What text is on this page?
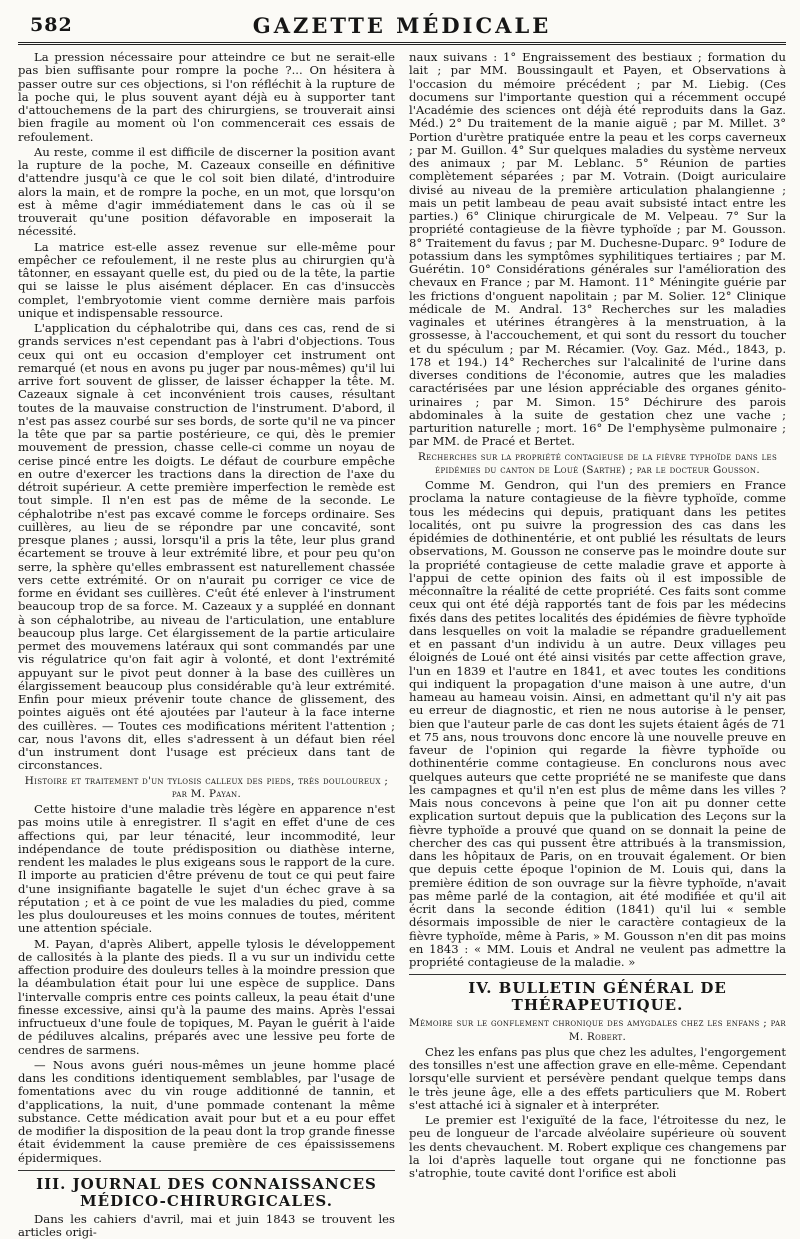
582	GAZETTE MÉDICALE

La pression nécessaire pour atteindre ce but ne serait-elle pas bien suffisante pour rompre la poche ?... On hésitera à passer outre sur ces objections, si l'on réfléchit à la rupture de la poche qui, le plus souvent ayant déjà eu à supporter tant d'attouchemens de la part des chirurgiens, se trouverait ainsi bien fragile au moment où l'on commencerait ces essais de refoulement.

Au reste, comme il est difficile de discerner la position avant la rupture de la poche, M. Cazeaux conseille en définitive d'attendre jusqu'à ce que le col soit bien dilaté, d'introduire alors la main, et de rompre la poche, en un mot, que lorsqu'on est à même d'agir immédiatement dans le cas où il se trouverait qu'une position défavorable en imposerait la nécessité.

La matrice est-elle assez revenue sur elle-même pour empêcher ce refoulement, il ne reste plus au chirurgien qu'à tâtonner, en essayant quelle est, du pied ou de la tête, la partie qui se laisse le plus aisément déplacer. En cas d'insuccès complet, l'embryotomie vient comme dernière mais parfois unique et indispensable ressource.

L'application du céphalotribe qui, dans ces cas, rend de si grands services n'est cependant pas à l'abri d'objections. Tous ceux qui ont eu occasion d'employer cet instrument ont remarqué (et nous en avons pu juger par nous-mêmes) qu'il lui arrive fort souvent de glisser, de laisser échapper la tête. M. Cazeaux signale à cet inconvénient trois causes, résultant toutes de la mauvaise construction de l'instrument. D'abord, il n'est pas assez courbé sur ses bords, de sorte qu'il ne va pincer la tête que par sa partie postérieure, ce qui, dès le premier mouvement de pression, chasse celle-ci comme un noyau de cerise pincé entre les doigts. Le défaut de courbure empêche en outre d'exercer les tractions dans la direction de l'axe du détroit supérieur. A cette première imperfection le remède est tout simple. Il n'en est pas de même de la seconde. Le céphalotribe n'est pas excavé comme le forceps ordinaire. Ses cuillères, au lieu de se répondre par une concavité, sont presque planes ; aussi, lorsqu'il a pris la tête, leur plus grand écartement se trouve à leur extrémité libre, et pour peu qu'on serre, la sphère qu'elles embrassent est naturellement chassée vers cette extrémité. Or on n'aurait pu corriger ce vice de forme en évidant ses cuillères. C'eût été enlever à l'instrument beaucoup trop de sa force. M. Cazeaux y a suppléé en donnant à son céphalotribe, au niveau de l'articulation, une entablure beaucoup plus large. Cet élargissement de la partie articulaire permet des mouvemens latéraux qui sont commandés par une vis régulatrice qu'on fait agir à volonté, et dont l'extrémité appuyant sur le pivot peut donner à la base des cuillères un élargissement beaucoup plus considérable qu'à leur extrémité. Enfin pour mieux prévenir toute chance de glissement, des pointes aiguës ont été ajoutées par l'auteur à la face interne des cuillères. — Toutes ces modifications méritent l'attention ; car, nous l'avons dit, elles s'adressent à un défaut bien réel d'un instrument dont l'usage est précieux dans tant de circonstances.

Histoire et traitement d'un tylosis calleux des pieds, très douloureux ; par M. Payan.

Cette histoire d'une maladie très légère en apparence n'est pas moins utile à enregistrer. Il s'agit en effet d'une de ces affections qui, par leur ténacité, leur incommodité, leur indépendance de toute prédisposition ou diathèse interne, rendent les malades le plus exigeans sous le rapport de la cure. Il importe au praticien d'être prévenu de tout ce qui peut faire d'une insignifiante bagatelle le sujet d'un échec grave à sa réputation ; et à ce point de vue les maladies du pied, comme les plus douloureuses et les moins connues de toutes, méritent une attention spéciale.

M. Payan, d'après Alibert, appelle tylosis le développement de callosités à la plante des pieds. Il a vu sur un individu cette affection produire des douleurs telles à la moindre pression que la déambulation était pour lui une espèce de supplice. Dans l'intervalle compris entre ces points calleux, la peau était d'une finesse excessive, ainsi qu'à la paume des mains. Après l'essai infructueux d'une foule de topiques, M. Payan le guérit à l'aide de pédiluves alcalins, préparés avec une lessive peu forte de cendres de sarmens.

— Nous avons guéri nous-mêmes un jeune homme placé dans les conditions identiquement semblables, par l'usage de fomentations avec du vin rouge additionné de tannin, et d'applications, la nuit, d'une pommade contenant la même substance. Cette médication avait pour but et a eu pour effet de modifier la disposition de la peau dont la trop grande finesse était évidemment la cause première de ces épaississemens épidermiques.

III. JOURNAL DES CONNAISSANCES MÉDICO-CHIRURGICALES.

Dans les cahiers d'avril, mai et juin 1843 se trouvent les articles origi-

naux suivans : 1° Engraissement des bestiaux ; formation du lait ; par MM. Boussingault et Payen, et Observations à l'occasion du mémoire précédent ; par M. Liebig. (Ces documens sur l'importante question qui a récemment occupé l'Académie des sciences ont déjà été reproduits dans la Gaz. Méd.) 2° Du traitement de la manie aiguë ; par M. Millet. 3° Portion d'urètre pratiquée entre la peau et les corps caverneux ; par M. Guillon. 4° Sur quelques maladies du système nerveux des animaux ; par M. Leblanc. 5° Réunion de parties complètement séparées ; par M. Votrain. (Doigt auriculaire divisé au niveau de la première articulation phalangienne ; mais un petit lambeau de peau avait subsisté intact entre les parties.) 6° Clinique chirurgicale de M. Velpeau. 7° Sur la propriété contagieuse de la fièvre typhoïde ; par M. Gousson. 8° Traitement du favus ; par M. Duchesne-Duparc. 9° Iodure de potassium dans les symptômes syphilitiques tertiaires ; par M. Guérétin. 10° Considérations générales sur l'amélioration des chevaux en France ; par M. Hamont. 11° Méningite guérie par les frictions d'onguent napolitain ; par M. Solier. 12° Clinique médicale de M. Andral. 13° Recherches sur les maladies vaginales et utérines étrangères à la menstruation, à la grossesse, à l'accouchement, et qui sont du ressort du toucher et du spéculum ; par M. Récamier. (Voy. Gaz. Méd., 1843, p. 178 et 194.) 14° Recherches sur l'alcalinité de l'urine dans diverses conditions de l'économie, autres que les maladies caractérisées par une lésion appréciable des organes génito-urinaires ; par M. Simon. 15° Déchirure des parois abdominales à la suite de gestation chez une vache ; parturition naturelle ; mort. 16° De l'emphysème pulmonaire ; par MM. de Pracé et Bertet.

Recherches sur la propriété contagieuse de la fièvre typhoïde dans les épidémies du canton de Loué (Sarthe) ; par le docteur Gousson.

Comme M. Gendron, qui l'un des premiers en France proclama la nature contagieuse de la fièvre typhoïde, comme tous les médecins qui depuis, pratiquant dans les petites localités, ont pu suivre la progression des cas dans les épidémies de dothinentérie, et ont publié les résultats de leurs observations, M. Gousson ne conserve pas le moindre doute sur la propriété contagieuse de cette maladie grave et apporte à l'appui de cette opinion des faits où il est impossible de méconnaître la réalité de cette propriété. Ces faits sont comme ceux qui ont été déjà rapportés tant de fois par les médecins fixés dans des petites localités des épidémies de fièvre typhoïde dans lesquelles on voit la maladie se répandre graduellement et en passant d'un individu à un autre. Deux villages peu éloignés de Loué ont été ainsi visités par cette affection grave, l'un en 1839 et l'autre en 1841, et avec toutes les conditions qui indiquent la propagation d'une maison à une autre, d'un hameau au hameau voisin. Ainsi, en admettant qu'il n'y ait pas eu erreur de diagnostic, et rien ne nous autorise à le penser, bien que l'auteur parle de cas dont les sujets étaient âgés de 71 et 75 ans, nous trouvons donc encore là une nouvelle preuve en faveur de l'opinion qui regarde la fièvre typhoïde ou dothinentérie comme contagieuse. En conclurons nous avec quelques auteurs que cette propriété ne se manifeste que dans les campagnes et qu'il n'en est plus de même dans les villes ? Mais nous concevons à peine que l'on ait pu donner cette explication surtout depuis que la publication des Leçons sur la fièvre typhoïde a prouvé que quand on se donnait la peine de chercher des cas qui pussent être attribués à la transmission, dans les hôpitaux de Paris, on en trouvait également. Or bien que depuis cette époque l'opinion de M. Louis qui, dans la première édition de son ouvrage sur la fièvre typhoïde, n'avait pas même parlé de la contagion, ait été modifiée et qu'il ait écrit dans la seconde édition (1841) qu'il lui « semble désormais impossible de nier le caractère contagieux de la fièvre typhoïde, même à Paris, » M. Gousson n'en dit pas moins en 1843 : « MM. Louis et Andral ne veulent pas admettre la propriété contagieuse de la maladie. »

IV. BULLETIN GÉNÉRAL DE THÉRAPEUTIQUE.

Mémoire sur le gonflement chronique des amygdales chez les enfans ; par M. Robert.

Chez les enfans pas plus que chez les adultes, l'engorgement des tonsilles n'est une affection grave en elle-même. Cependant lorsqu'elle survient et persévère pendant quelque temps dans le très jeune âge, elle a des effets particuliers que M. Robert s'est attaché ici à signaler et à interpréter.

Le premier est l'exiguïté de la face, l'étroitesse du nez, le peu de longueur de l'arcade alvéolaire supérieure où souvent les dents chevauchent. M. Robert explique ces changemens par la loi d'après laquelle tout organe qui ne fonctionne pas s'atrophie, toute cavité dont l'orifice est aboli
